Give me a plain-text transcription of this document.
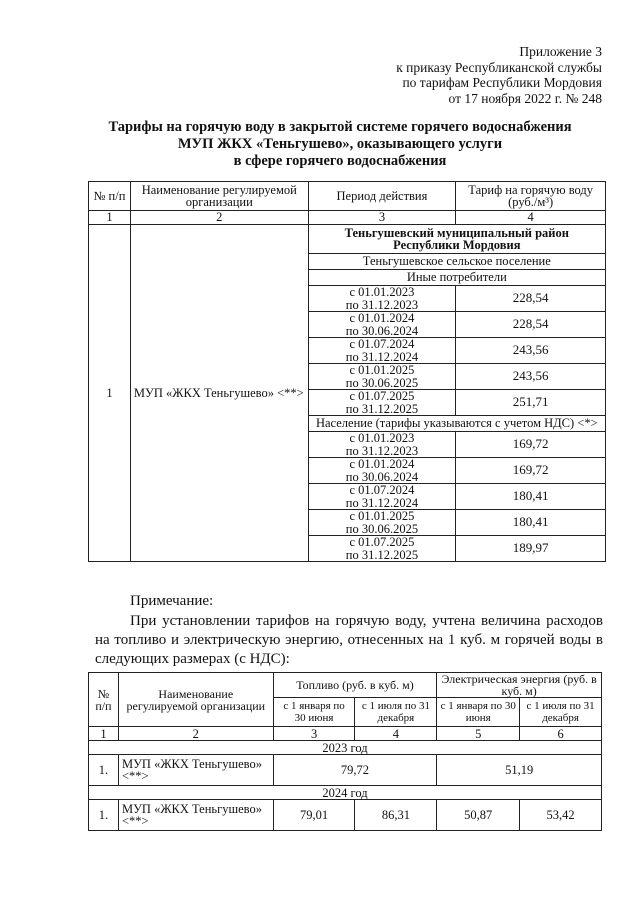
Приложение 3
к приказу Республиканской службы
по тарифам Республики Мордовия
от 17 ноября 2022 г. № 248
Тарифы на горячую воду в закрытой системе горячего водоснабжения
МУП ЖКХ «Теньгушево», оказывающего услуги
в сфере горячего водоснабжения
№ п/п	Наименование регулируемой организации	Период действия	Тариф на горячую воду (руб./м³)
1	2	3	4
1	МУП «ЖКХ Теньгушево» <**>	Теньгушевский муниципальный район Республики Мордовия	
		Теньгушевское сельское поселение	
		Иные потребители	
		с 01.01.2023
по 31.12.2023	228,54
		с 01.01.2024
по 30.06.2024	228,54
		с 01.07.2024
по 31.12.2024	243,56
		с 01.01.2025
по 30.06.2025	243,56
		с 01.07.2025
по 31.12.2025	251,71
		Население (тарифы указываются с учетом НДС) <*>	
		с 01.01.2023
по 31.12.2023	169,72
		с 01.01.2024
по 30.06.2024	169,72
		с 01.07.2024
по 31.12.2024	180,41
		с 01.01.2025
по 30.06.2025	180,41
		с 01.07.2025
по 31.12.2025	189,97
Примечание:
При установлении тарифов на горячую воду, учтена величина расходов на топливо и электрическую энергию, отнесенных на 1 куб. м горячей воды в следующих размерах (с НДС):
№ п/п	Наименование регулируемой организации	Топливо (руб. в куб. м)		Электрическая энергия (руб. в куб. м)	
		с 1 января по 30 июня	с 1 июля по 31 декабря	с 1 января по 30 июня	с 1 июля по 31 декабря
1	2	3	4	5	6
2023 год					
1.	МУП «ЖКХ Теньгушево» <**>	79,72		51,19	
2024 год					
1.	МУП «ЖКХ Теньгушево» <**>	79,01	86,31	50,87	53,42
